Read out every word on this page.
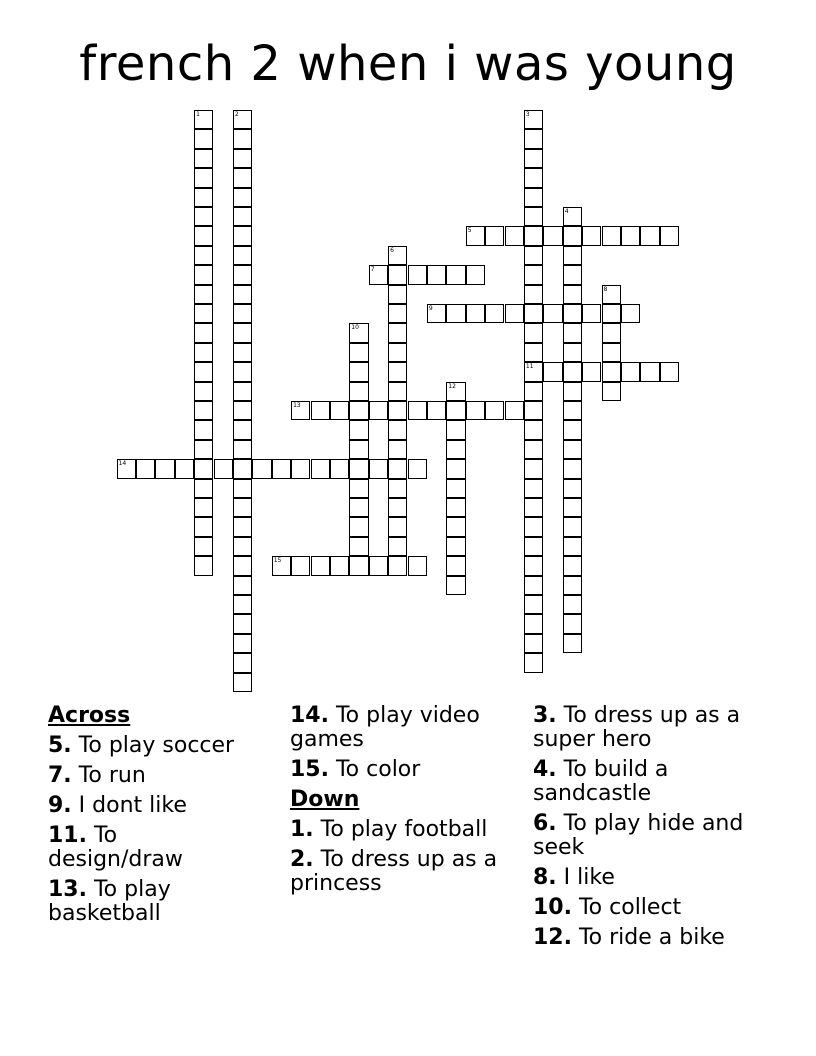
french 2 when i was young
1	2	3
11
4
5
6
7
8
9
10
12
13
14
15
Across
5. To play soccer
7. To run
9. I dont like
11. To design/draw
13. To play basketball
14. To play video games
15. To color
Down
1. To play football
2. To dress up as a princess
3. To dress up as a super hero
4. To build a sandcastle
6. To play hide and seek
8. I like
10. To collect
12. To ride a bike
